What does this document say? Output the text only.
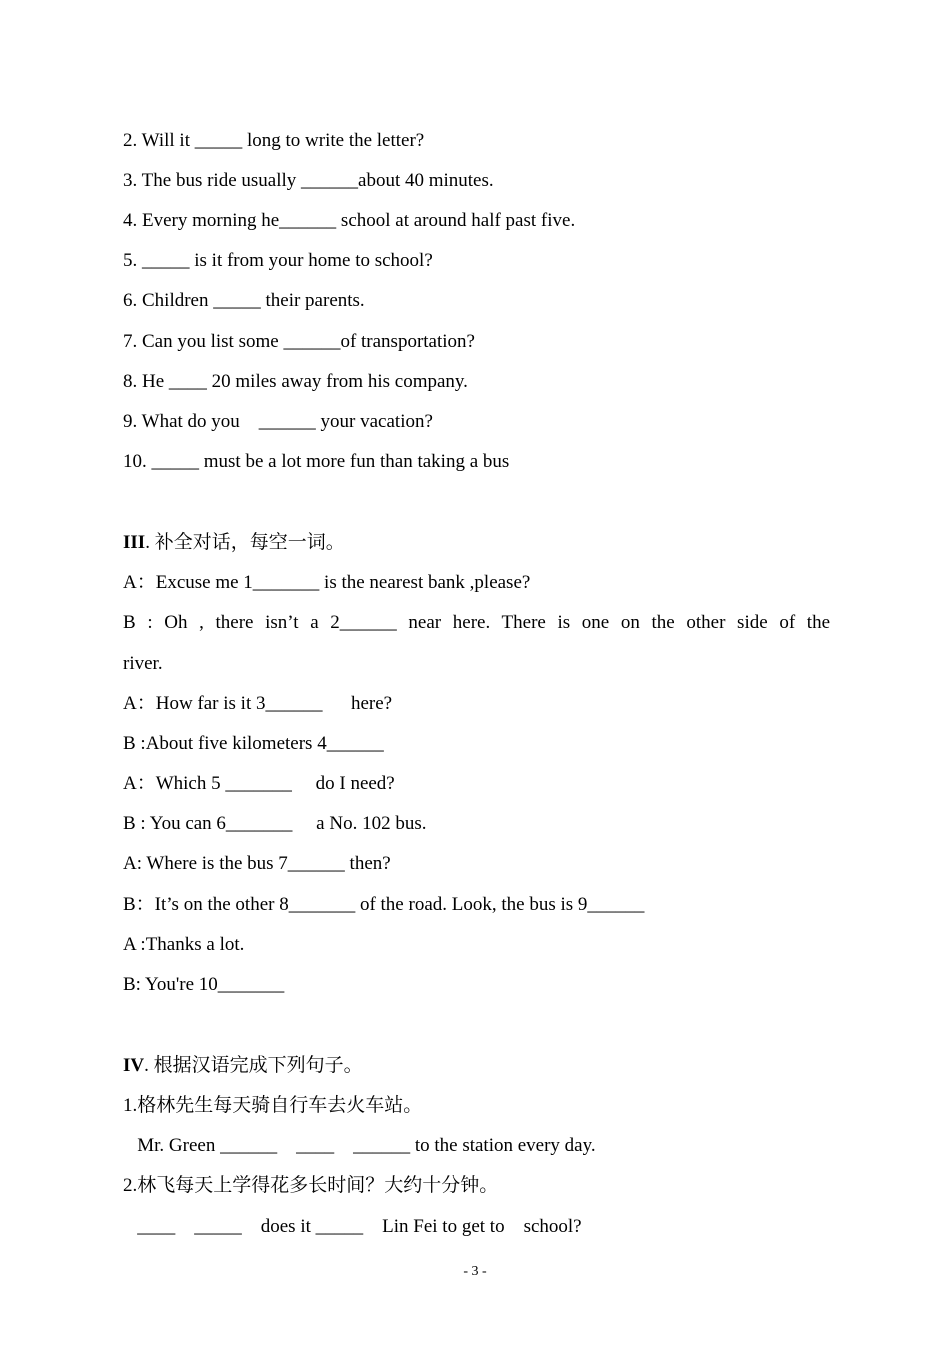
2. Will it _____ long to write the letter?
3. The bus ride usually ______about 40 minutes.
4. Every morning he______ school at around half past five.
5. _____ is it from your home to school?
6. Children _____ their parents.
7. Can you list some ______of transportation?
8. He ____ 20 miles away from his company.
9. What do you    ______ your vacation?
10. _____ must be a lot more fun than taking a bus
III. 补全对话，每空一词。
A：Excuse me 1_______ is the nearest bank ,please?
B : Oh , there isn’t a 2______ near here. There is one on the other side of the
river.
A：How far is it 3______      here?
B :About five kilometers 4______
A：Which 5 _______     do I need?
B : You can 6_______     a No. 102 bus.
A: Where is the bus 7______ then?
B：It’s on the other 8_______ of the road. Look, the bus is 9______
A :Thanks a lot.
B: You're 10_______
IV. 根据汉语完成下列句子。
1.格林先生每天骑自行车去火车站。
Mr. Green ______    ____    ______ to the station every day.
2.林飞每天上学得花多长时间？大约十分钟。
____    _____    does it _____    Lin Fei to get to    school?
- 3 -
